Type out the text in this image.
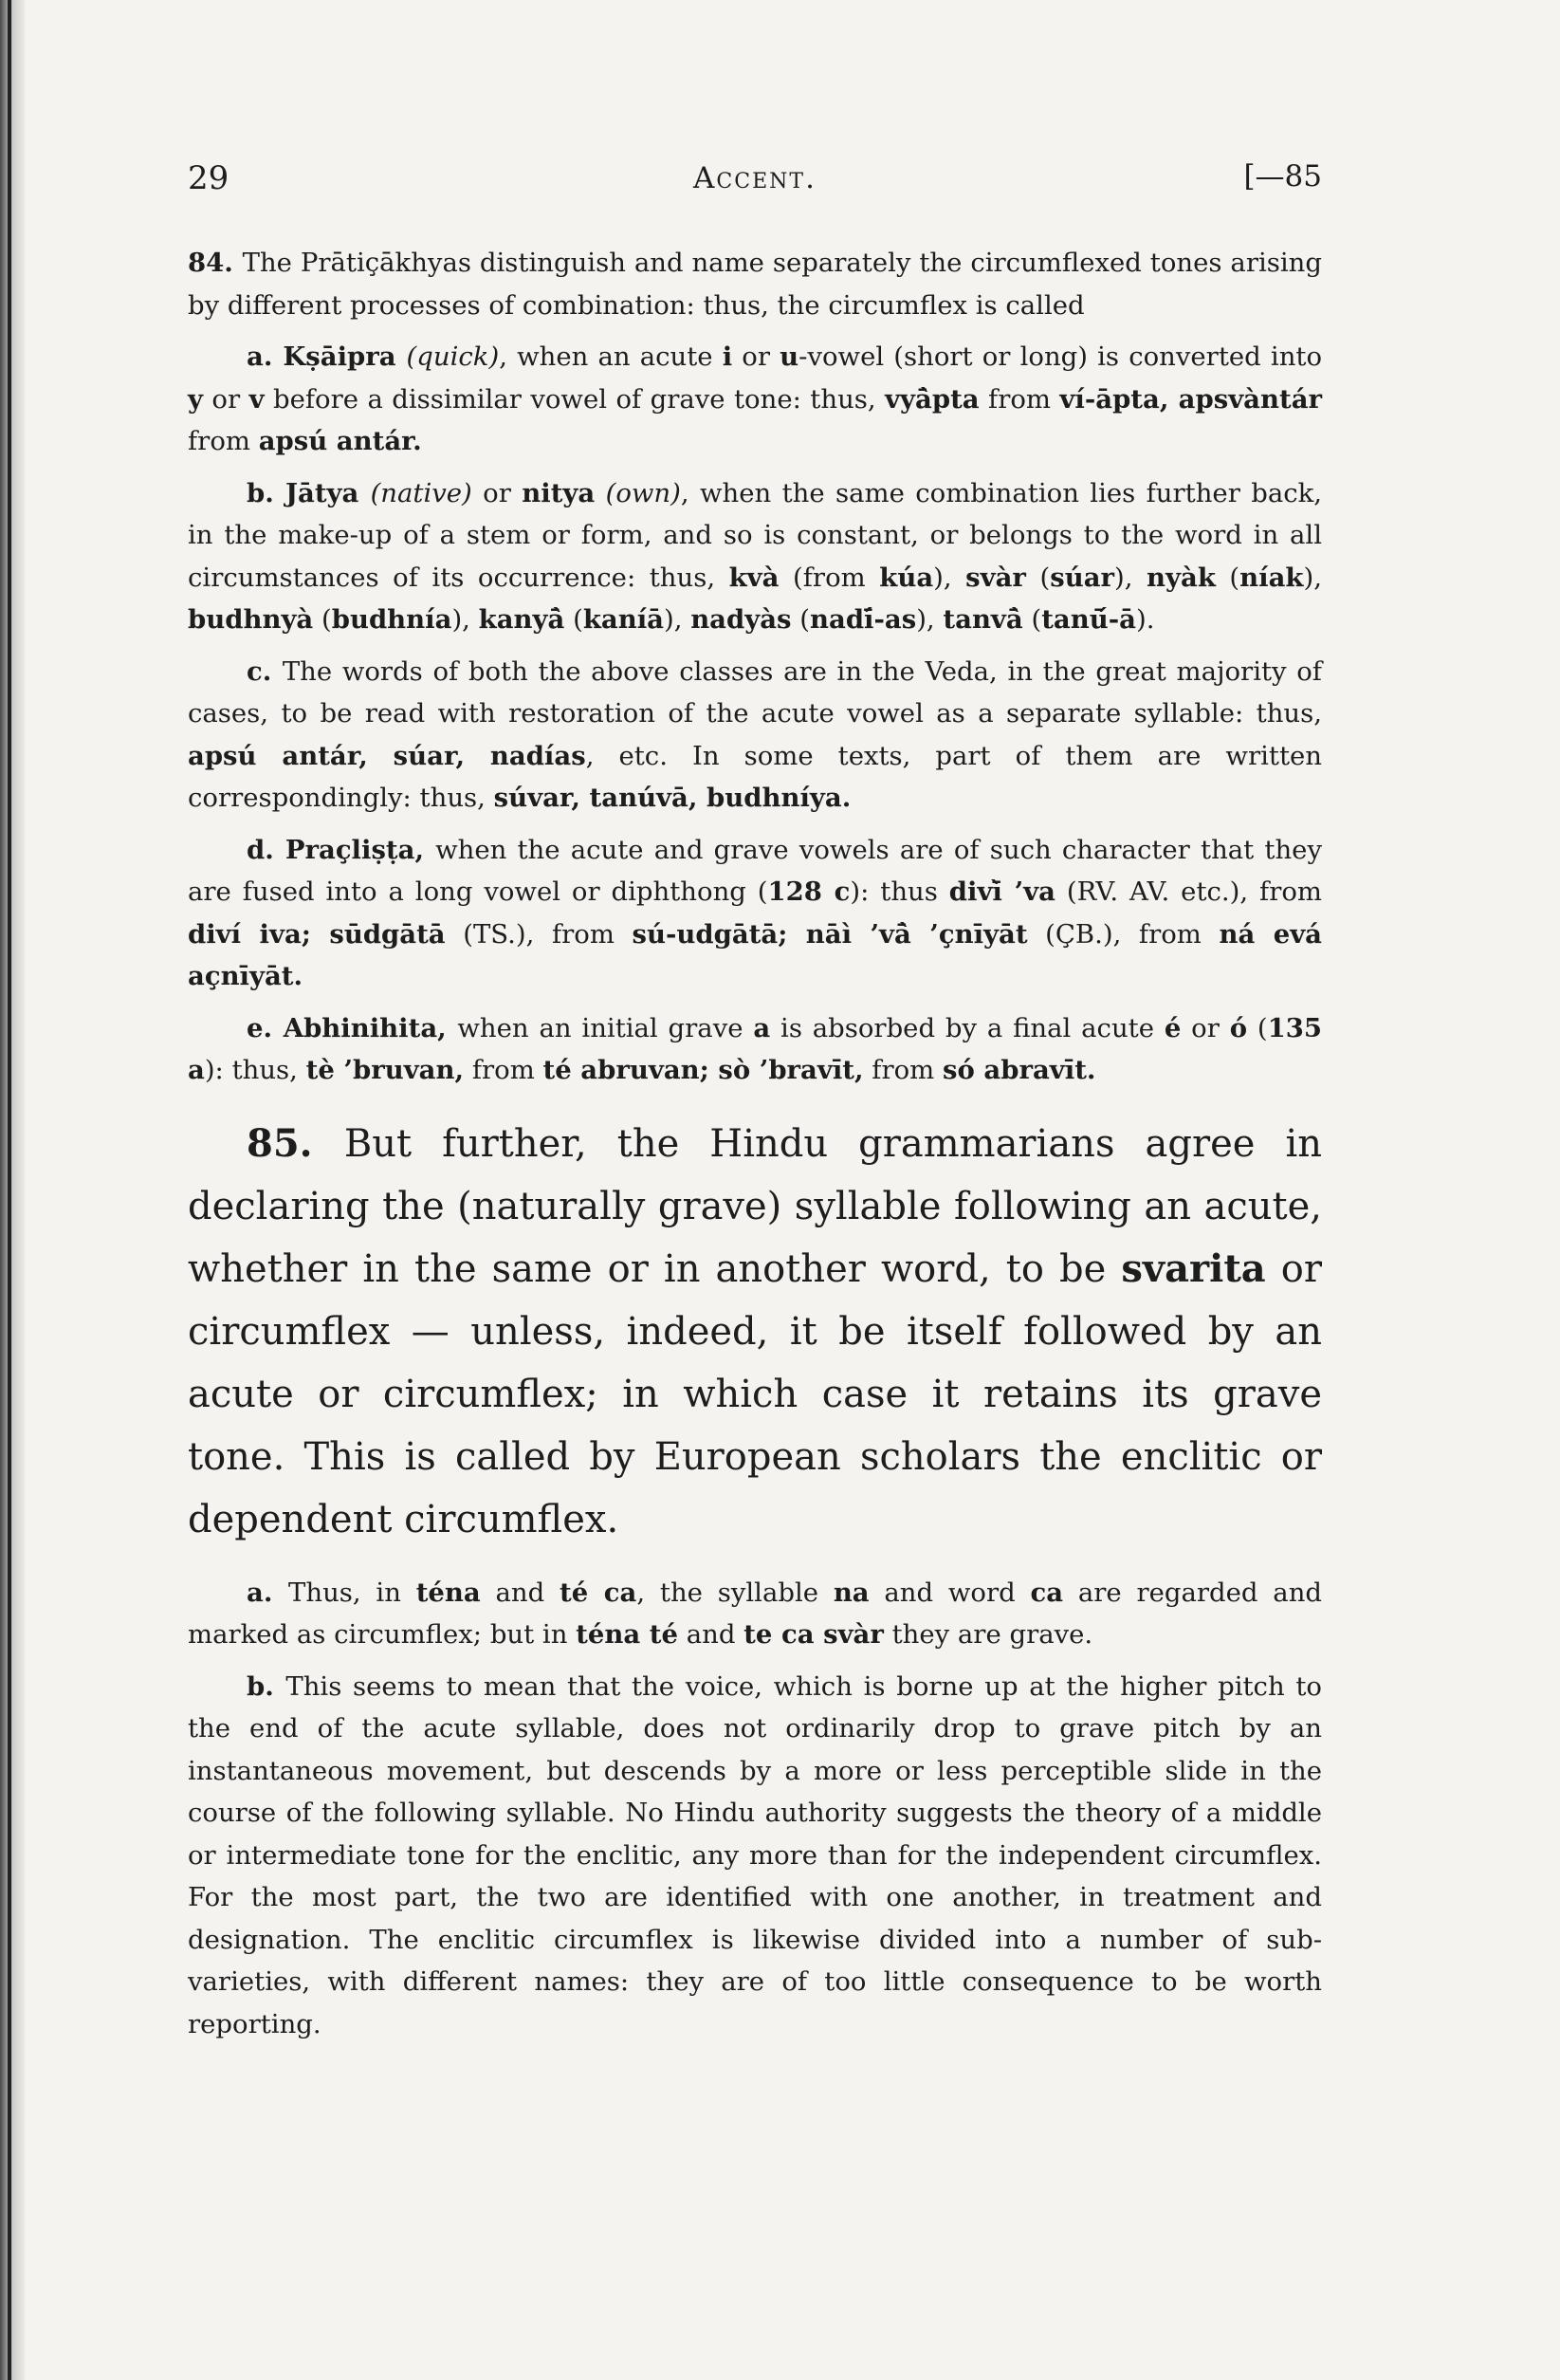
29	Accent.	[—85

84. The Prātiçākhyas distinguish and name separately the circumflexed tones arising by different processes of combination: thus, the circumflex is called

a. Kṣāipra (quick), when an acute i or u-vowel (short or long) is converted into y or v before a dissimilar vowel of grave tone: thus, vyā̀pta from ví-āpta, apsvàntár from apsú antár.

b. Jātya (native) or nitya (own), when the same combination lies further back, in the make-up of a stem or form, and so is constant, or belongs to the word in all circumstances of its occurrence: thus, kvà (from kúa), svàr (súar), nyàk (níak), budhnyà (budhnía), kanyā̀ (kaníā), nadyàs (nadī́-as), tanvā̀ (tanū́-ā).

c. The words of both the above classes are in the Veda, in the great majority of cases, to be read with restoration of the acute vowel as a separate syllable: thus, apsú antár, súar, nadías, etc. In some texts, part of them are written correspondingly: thus, súvar, tanúvā, budhníya.

d. Praçliṣṭa, when the acute and grave vowels are of such character that they are fused into a long vowel or diphthong (128 c): thus divī̀ ’va (RV. AV. etc.), from diví iva; sūdgātā (TS.), from sú-udgātā; nāì ’vā̀ ’çnīyāt (ÇB.), from ná evá açnīyāt.

e. Abhinihita, when an initial grave a is absorbed by a final acute é or ó (135 a): thus, tè ’bruvan, from té abruvan; sò ’bravīt, from só abravīt.

85. But further, the Hindu grammarians agree in declaring the (naturally grave) syllable following an acute, whether in the same or in another word, to be svarita or circumflex — unless, indeed, it be itself followed by an acute or circumflex; in which case it retains its grave tone. This is called by European scholars the enclitic or dependent circumflex.

a. Thus, in téna and té ca, the syllable na and word ca are regarded and marked as circumflex; but in téna té and te ca svàr they are grave.

b. This seems to mean that the voice, which is borne up at the higher pitch to the end of the acute syllable, does not ordinarily drop to grave pitch by an instantaneous movement, but descends by a more or less perceptible slide in the course of the following syllable. No Hindu authority suggests the theory of a middle or intermediate tone for the enclitic, any more than for the independent circumflex. For the most part, the two are identified with one another, in treatment and designation. The enclitic circumflex is likewise divided into a number of sub-varieties, with different names: they are of too little consequence to be worth reporting.
